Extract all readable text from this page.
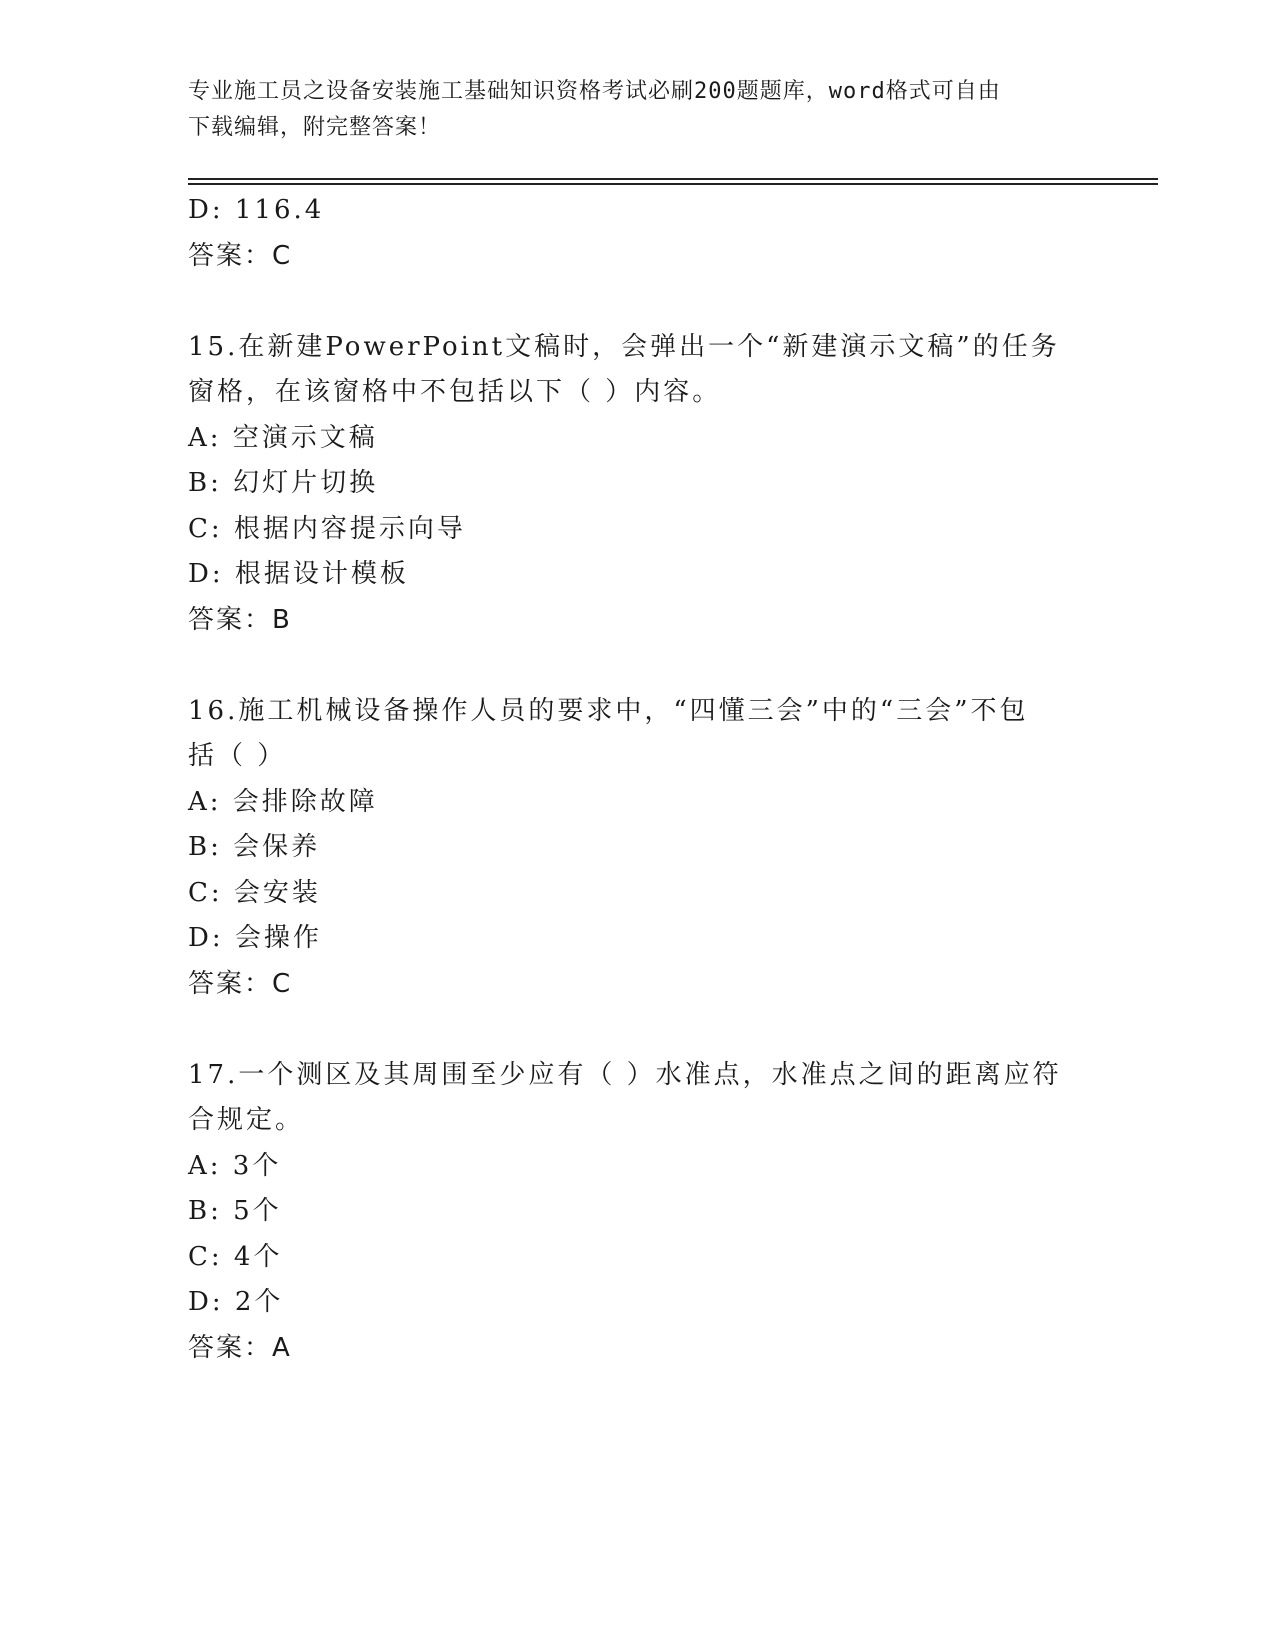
专业施工员之设备安装施工基础知识资格考试必刷200题题库，word格式可自由
下载编辑，附完整答案！
D: 116.4
答案：C
15.在新建PowerPoint文稿时，会弹出一个“新建演示文稿”的任务
窗格，在该窗格中不包括以下（ ）内容。
A: 空演示文稿
B: 幻灯片切换
C: 根据内容提示向导
D: 根据设计模板
答案：B
16.施工机械设备操作人员的要求中，“四懂三会”中的“三会”不包
括（ ）
A: 会排除故障
B: 会保养
C: 会安装
D: 会操作
答案：C
17.一个测区及其周围至少应有（ ）水准点，水准点之间的距离应符
合规定。
A: 3个
B: 5个
C: 4个
D: 2个
答案：A
